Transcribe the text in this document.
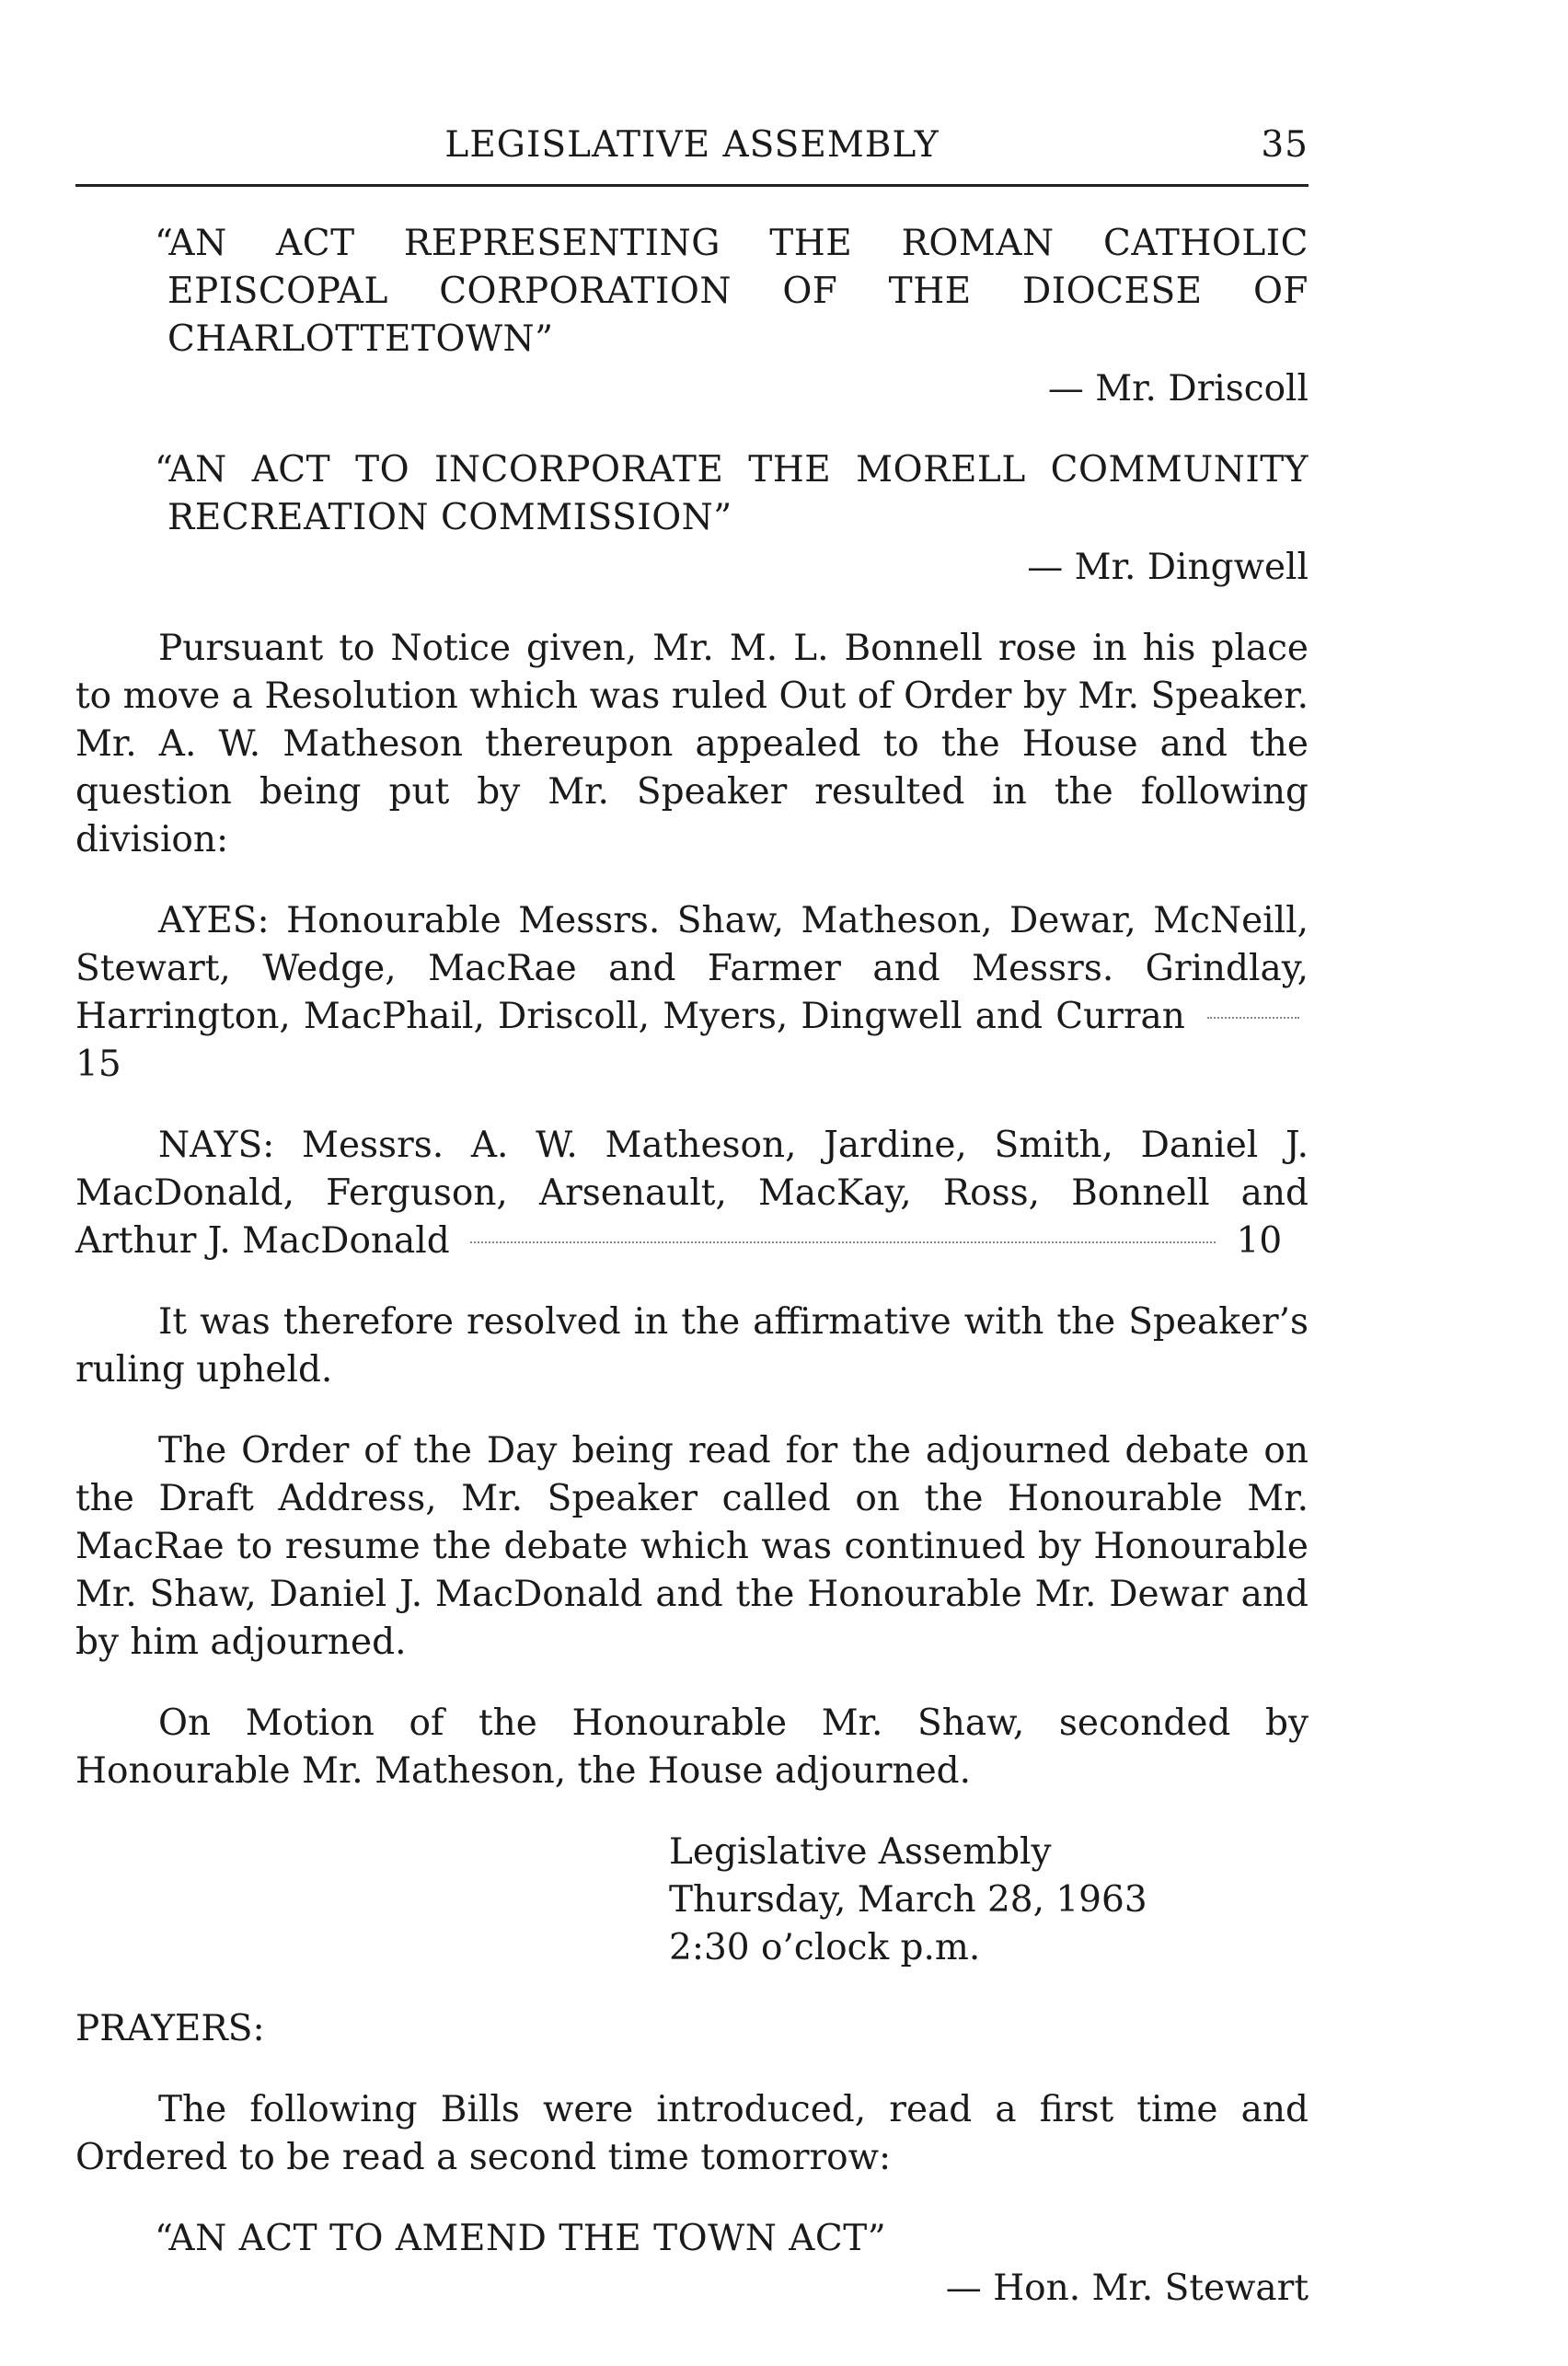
LEGISLATIVE ASSEMBLY	35
“AN ACT REPRESENTING THE ROMAN CATHOLIC EPISCOPAL CORPORATION OF THE DIOCESE OF CHARLOTTETOWN”
— Mr. Driscoll
“AN ACT TO INCORPORATE THE MORELL COMMUNITY RECREATION COMMISSION”
— Mr. Dingwell
Pursuant to Notice given, Mr. M. L. Bonnell rose in his place to move a Resolution which was ruled Out of Order by Mr. Speaker. Mr. A. W. Matheson thereupon appealed to the House and the question being put by Mr. Speaker resulted in the following division:
AYES: Honourable Messrs. Shaw, Matheson, Dewar, McNeill, Stewart, Wedge, MacRae and Farmer and Messrs. Grindlay, Harrington, MacPhail, Driscoll, Myers, Dingwell and Curran
15
NAYS: Messrs. A. W. Matheson, Jardine, Smith, Daniel J. MacDonald, Ferguson, Arsenault, MacKay, Ross, Bonnell and Arthur J. MacDonald	10
It was therefore resolved in the affirmative with the Speaker’s ruling upheld.
The Order of the Day being read for the adjourned debate on the Draft Address, Mr. Speaker called on the Honourable Mr. MacRae to resume the debate which was continued by Honourable Mr. Shaw, Daniel J. MacDonald and the Honourable Mr. Dewar and by him adjourned.
On Motion of the Honourable Mr. Shaw, seconded by Honourable Mr. Matheson, the House adjourned.
Legislative Assembly
Thursday, March 28, 1963
2:30 o’clock p.m.
PRAYERS:
The following Bills were introduced, read a first time and Ordered to be read a second time tomorrow:
“AN ACT TO AMEND THE TOWN ACT”
— Hon. Mr. Stewart
